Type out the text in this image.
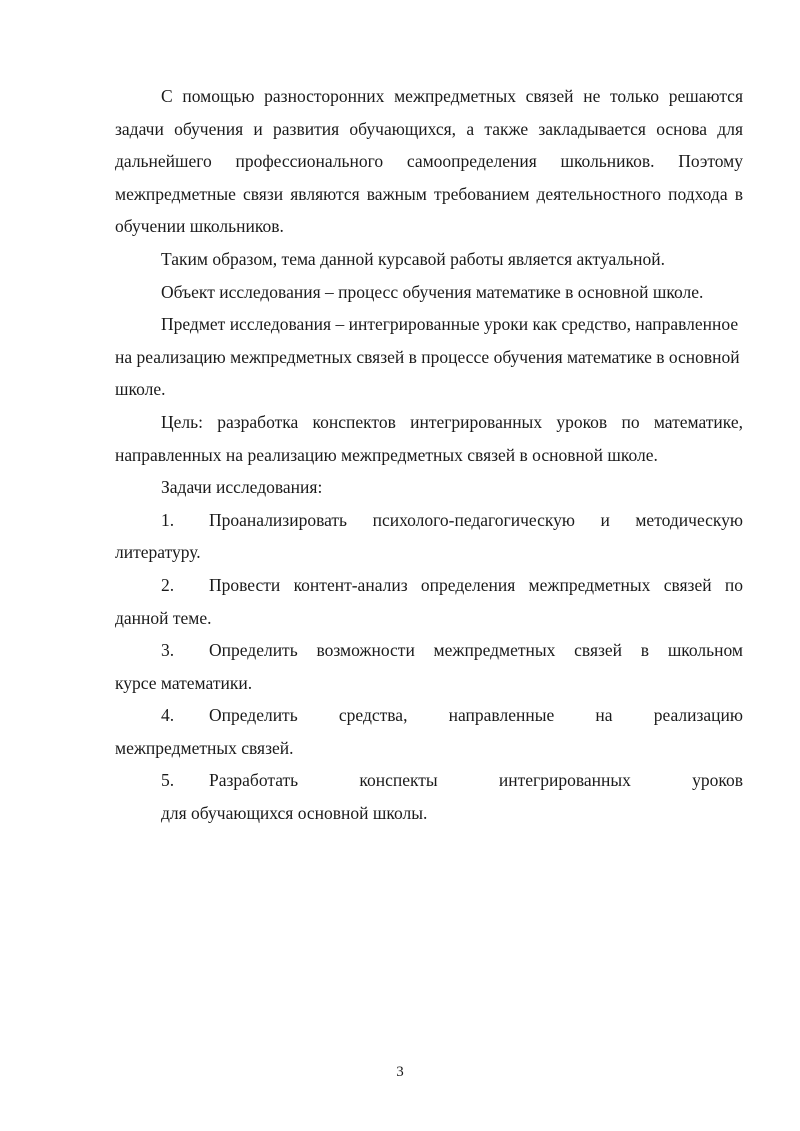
С помощью разносторонних межпредметных связей не только решаются задачи обучения и развития обучающихся, а также закладывается основа для дальнейшего профессионального самоопределения школьников. Поэтому межпредметные связи являются важным требованием деятельностного подхода в обучении школьников.

Таким образом, тема данной курсавой работы является актуальной.

Объект исследования – процесс обучения математике в основной школе.

Предмет исследования – интегрированные уроки как средство, направленное на реализацию межпредметных связей в процессе обучения математике в основной школе.

Цель: разработка конспектов интегрированных уроков по математике, направленных на реализацию межпредметных связей в основной школе.

Задачи исследования:

1.	Проанализировать психолого-педагогическую и методическую
литературу.
2.	Провести контент-анализ определения межпредметных связей по
данной теме.
3.	Определить возможности межпредметных связей в школьном
курсе математики.
4.	Определить средства, направленные на реализацию
межпредметных связей.
5.	Разработать конспекты интегрированных уроков
для обучающихся основной школы.
3
